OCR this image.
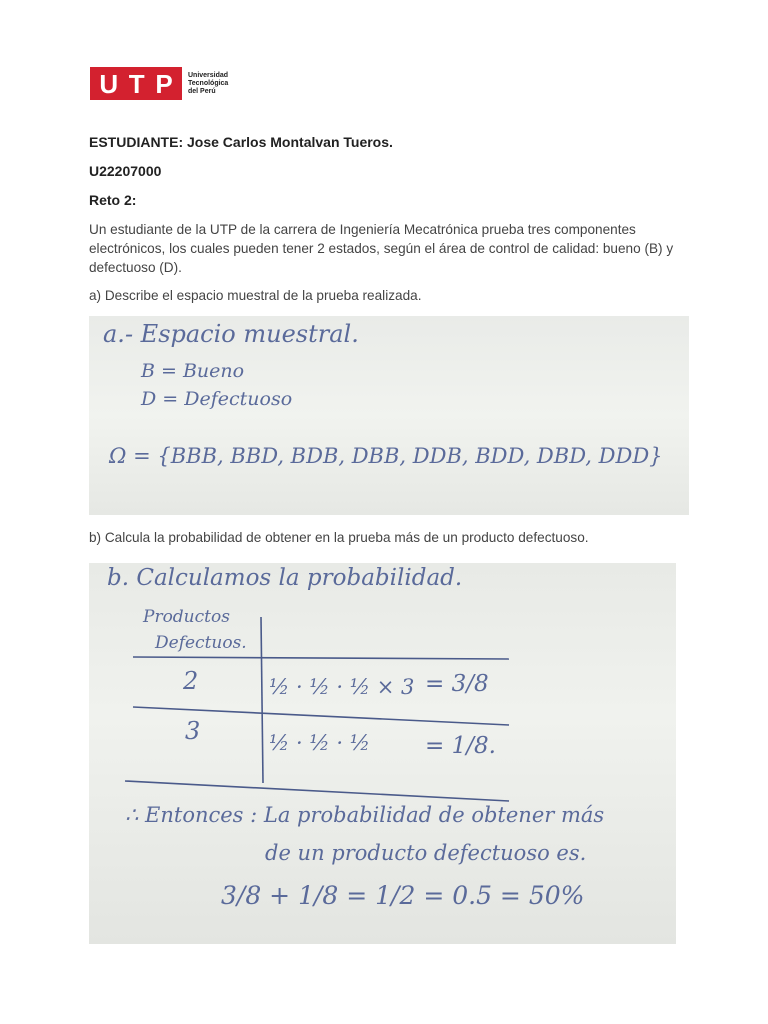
U T P Universidad
Tecnológica
del Perú
ESTUDIANTE: Jose Carlos Montalvan Tueros.
U22207000
Reto 2:
Un estudiante de la UTP de la carrera de Ingeniería Mecatrónica prueba tres componentes electrónicos, los cuales pueden tener 2 estados, según el área de control de calidad: bueno (B) y defectuoso (D).
a) Describe el espacio muestral de la prueba realizada.
a.- Espacio muestral.
B = Bueno
D = Defectuoso
Ω = {BBB, BBD, BDB, DBB, DDB, BDD, DBD, DDD}
b) Calcula la probabilidad de obtener en la prueba más de un producto defectuoso.
b. Calculamos la probabilidad.
Productos
Defectuos.
2	½ · ½ · ½ × 3 = 3/8
3	½ · ½ · ½ = 1/8.
∴ Entonces : La probabilidad de obtener más
de un producto defectuoso es.
3/8 + 1/8 = 1/2 = 0.5 = 50%
